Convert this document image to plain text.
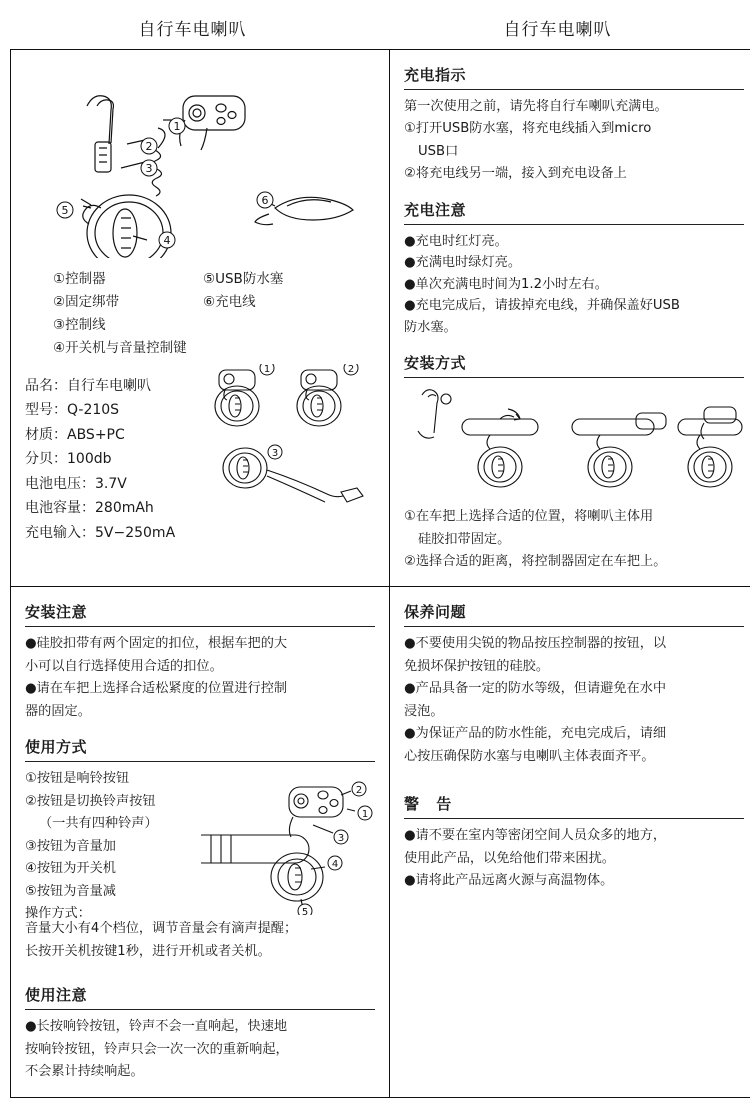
自行车电喇叭	自行车电喇叭
1
2
3
4
5
6
①控制器	⑤USB防水塞
②固定绑带	⑥充电线
③控制线
④开关机与音量控制键
品名：自行车电喇叭
型号：Q-210S
材质：ABS+PC
分贝：100db
电池电压：3.7V
电池容量：280mAh
充电输入：5V−250mA
1	2
3
充电指示

第一次使用之前，请先将自行车喇叭充满电。

①打开USB防水塞，将充电线插入到micro

USB口

②将充电线另一端，接入到充电设备上

充电注意

●充电时红灯亮。

●充满电时绿灯亮。

●单次充满电时间为1.2小时左右。

●充电完成后，请拔掉充电线，并确保盖好USB

防水塞。

安装方式

①在车把上选择合适的位置，将喇叭主体用

硅胶扣带固定。

②选择合适的距离，将控制器固定在车把上。

安装注意

●硅胶扣带有两个固定的扣位，根据车把的大

小可以自行选择使用合适的扣位。

●请在车把上选择合适松紧度的位置进行控制

器的固定。

使用方式

①按钮是响铃按钮

②按钮是切换铃声按钮

（一共有四种铃声）

③按钮为音量加

④按钮为开关机

⑤按钮为音量减

操作方式：

2
1
3
4
5

音量大小有4个档位，调节音量会有滴声提醒；

长按开关机按键1秒，进行开机或者关机。

使用注意

●长按响铃按钮，铃声不会一直响起，快速地

按响铃按钮，铃声只会一次一次的重新响起，

不会累计持续响起。

保养问题

●不要使用尖锐的物品按压控制器的按钮，以

免损坏保护按钮的硅胶。

●产品具备一定的防水等级，但请避免在水中

浸泡。

●为保证产品的防水性能，充电完成后，请细

心按压确保防水塞与电喇叭主体表面齐平。

警 告

●请不要在室内等密闭空间人员众多的地方，

使用此产品，以免给他们带来困扰。

●请将此产品远离火源与高温物体。
